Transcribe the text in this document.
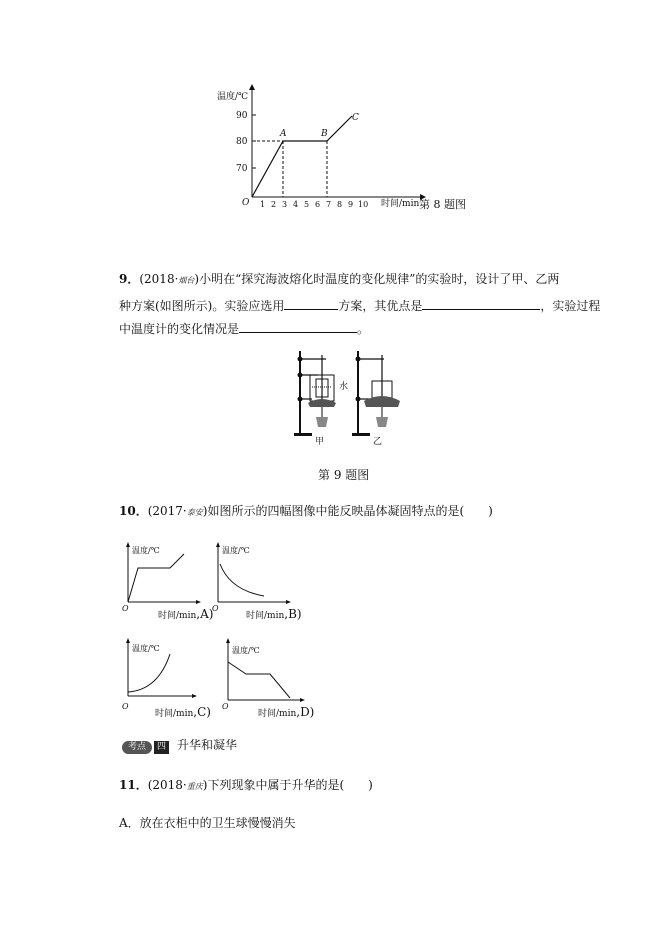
温度/℃
90
80
70
O
A	B
C
1 2 3 4 5 6 7 8 9 10 时间/min 第 8 题图
9．(2018·烟台)小明在“探究海波熔化时温度的变化规律”的实验时，设计了甲、乙两
种方案(如图所示)。实验应选用	方案，其优点是	，实验过程
中温度计的变化情况是	。
水
甲	乙
第 9 题图
10．(2017·泰安)如图所示的四幅图像中能反映晶体凝固特点的是(　　)
温度/℃
O
时间/min,A)
温度/℃
O
时间/min,B)
温度/℃
O
时间/min,C)
温度/℃
O
时间/min,D)
考点 四 升华和凝华
11．(2018·重庆)下列现象中属于升华的是(　　)
A．放在衣柜中的卫生球慢慢消失
